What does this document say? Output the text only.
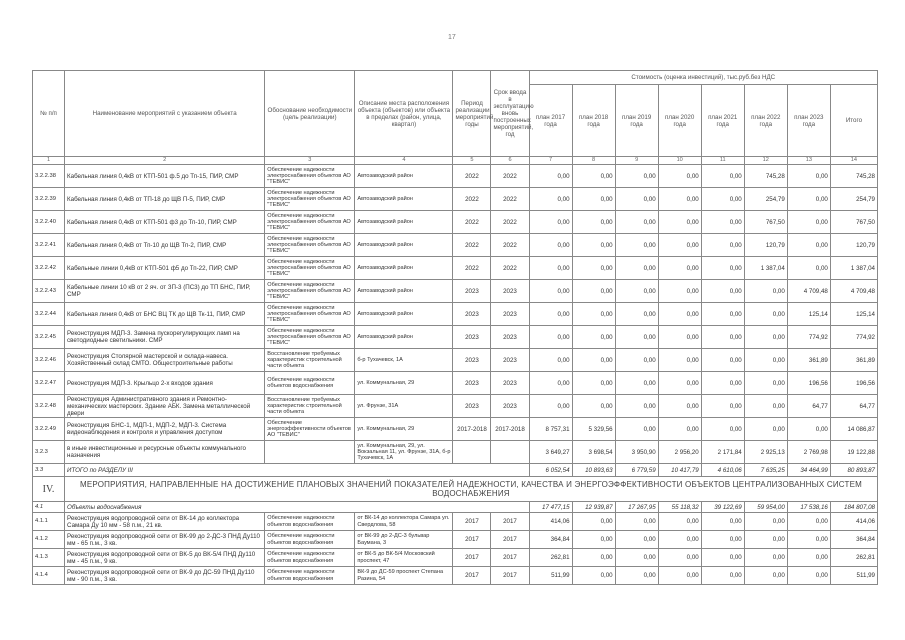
17
№ п/п	Наименование мероприятий с указанием объекта	Обоснование необходимости (цель реализации)	Описание места расположения объекта (объектов) или объекта в пределах (район, улица, квартал)	Период реализации мероприятий, годы	Срок ввода в эксплуатацию вновь построенных мероприятий, год	Стоимость (оценка инвестиций), тыс.руб.без НДС							
						план 2017 года	план 2018 года	план 2019 года	план 2020 года	план 2021 года	план 2022 года	план 2023 года	Итого
1	2	3	4	5	6	7	8	9	10	11	12	13	14
3.2.2.38	Кабельная линия 0,4кВ от КТП-501 ф.5 до Тп-15, ПИР, СМР	Обеспечение надежности электроснабжения объектов АО "ТЕВИС"	Автозаводский район	2022	2022	0,00	0,00	0,00	0,00	0,00	745,28	0,00	745,28
3.2.2.39	Кабельная линия 0,4кВ от ТП-18 до ЩВ П-5, ПИР, СМР	Обеспечение надежности электроснабжения объектов АО "ТЕВИС"	Автозаводский район	2022	2022	0,00	0,00	0,00	0,00	0,00	254,79	0,00	254,79
3.2.2.40	Кабельная линия 0,4кВ от КТП-501 ф3 до Тп-10, ПИР, СМР	Обеспечение надежности электроснабжения объектов АО "ТЕВИС"	Автозаводский район	2022	2022	0,00	0,00	0,00	0,00	0,00	767,50	0,00	767,50
3.2.2.41	Кабельная линия 0,4кВ от Тп-10 до ЩВ Тп-2, ПИР, СМР	Обеспечение надежности электроснабжения объектов АО "ТЕВИС"	Автозаводский район	2022	2022	0,00	0,00	0,00	0,00	0,00	120,79	0,00	120,79
3.2.2.42	Кабельные линии 0,4кВ от КТП-501 ф5 до Тп-22, ПИР, СМР	Обеспечение надежности электроснабжения объектов АО "ТЕВИС"	Автозаводский район	2022	2022	0,00	0,00	0,00	0,00	0,00	1 387,04	0,00	1 387,04
3.2.2.43	Кабельные линии 10 кВ от 2 яч. от ЗП-3 (ПС3) до ТП БНС, ПИР, СМР	Обеспечение надежности электроснабжения объектов АО "ТЕВИС"	Автозаводский район	2023	2023	0,00	0,00	0,00	0,00	0,00	0,00	4 709,48	4 709,48
3.2.2.44	Кабельная линия 0,4кВ от БНС ВЦ ТК до ЩВ Тк-11, ПИР, СМР	Обеспечение надежности электроснабжения объектов АО "ТЕВИС"	Автозаводский район	2023	2023	0,00	0,00	0,00	0,00	0,00	0,00	125,14	125,14
3.2.2.45	Реконструкция МДП-3. Замена пускорегулирующих ламп на светодиодные светильники. СМР	Обеспечение надежности электроснабжения объектов АО "ТЕВИС"	Автозаводский район	2023	2023	0,00	0,00	0,00	0,00	0,00	0,00	774,92	774,92
3.2.2.46	Реконструкция Столярной мастерской и склада-навеса. Хозяйственный склад СМТО. Общестроительные работы	Восстановление требуемых характеристик строительной части объекта	б-р Тухачевск, 1А	2023	2023	0,00	0,00	0,00	0,00	0,00	0,00	361,89	361,89
3.2.2.47	Реконструкция МДП-3. Крыльцо 2-х входов здания	Обеспечение надежности объектов водоснабжения	ул. Коммунальная, 29	2023	2023	0,00	0,00	0,00	0,00	0,00	0,00	196,56	196,56
3.2.2.48	Реконструкция Административного здания и Ремонтно-механических мастерских. Здание АБК. Замена металлической двери	Восстановление требуемых характеристик строительной части объекта	ул. Фрунзе, 31А	2023	2023	0,00	0,00	0,00	0,00	0,00	0,00	64,77	64,77
3.2.2.49	Реконструкция БНС-1, МДП-1, МДП-2, МДП-3. Система видеонаблюдения и контроля и управления доступом	Обеспечение энергоэффективности объектов АО "ТЕВИС"	ул. Коммунальная, 29	2017-2018	2017-2018	8 757,31	5 329,56	0,00	0,00	0,00	0,00	0,00	14 086,87
3.2.3	в иные инвестиционные и ресурсные объекты коммунального назначения		ул. Коммунальная, 29, ул. Вокзальная 11, ул. Фрунзе, 31А, б-р Тухачевск, 1А			3 649,27	3 698,54	3 950,90	2 956,20	2 171,84	2 925,13	2 769,98	19 122,88
3.3	ИТОГО по РАЗДЕЛУ III					6 052,54	10 893,63	6 779,59	10 417,79	4 610,06	7 635,25	34 464,99	80 893,87
IV.	МЕРОПРИЯТИЯ, НАПРАВЛЕННЫЕ НА ДОСТИЖЕНИЕ ПЛАНОВЫХ ЗНАЧЕНИЙ ПОКАЗАТЕЛЕЙ НАДЕЖНОСТИ, КАЧЕСТВА И ЭНЕРГОЭФФЕКТИВНОСТИ ОБЪЕКТОВ ЦЕНТРАЛИЗОВАННЫХ СИСТЕМ ВОДОСНАБЖЕНИЯ												
4.1	Объекты водоснабжения					17 477,15	12 939,87	17 267,95	55 118,32	39 122,69	59 954,00	17 538,16	184 807,08
4.1.1	Реконструкция водопроводной сети от ВК-14 до коллектора Самара Ду 10 мм - 58 п.м., 21 кв.	Обеспечение надежности объектов водоснабжения	от ВК-14 до коллектора Самара ул. Свердлова, 58	2017	2017	414,06	0,00	0,00	0,00	0,00	0,00	0,00	414,06
4.1.2	Реконструкция водопроводной сети от ВК-99 до 2-ДС-3 ПНД Ду110 мм - 65 п.м., 3 кв.	Обеспечение надежности объектов водоснабжения	от ВК-99 до 2-ДС-3 бульвар Баумана, 3	2017	2017	364,84	0,00	0,00	0,00	0,00	0,00	0,00	364,84
4.1.3	Реконструкция водопроводной сети от ВК-5 до ВК-5/4 ПНД Ду110 мм - 45 п.м., 9 кв.	Обеспечение надежности объектов водоснабжения	от ВК-5 до ВК-5/4 Московский проспект, 47	2017	2017	262,81	0,00	0,00	0,00	0,00	0,00	0,00	262,81
4.1.4	Реконструкция водопроводной сети от ВК-9 до ДС-59 ПНД Ду110 мм - 90 п.м., 3 кв.	Обеспечение надежности объектов водоснабжения	ВК-9 до ДС-59 проспект Степана Разина, 54	2017	2017	511,99	0,00	0,00	0,00	0,00	0,00	0,00	511,99
